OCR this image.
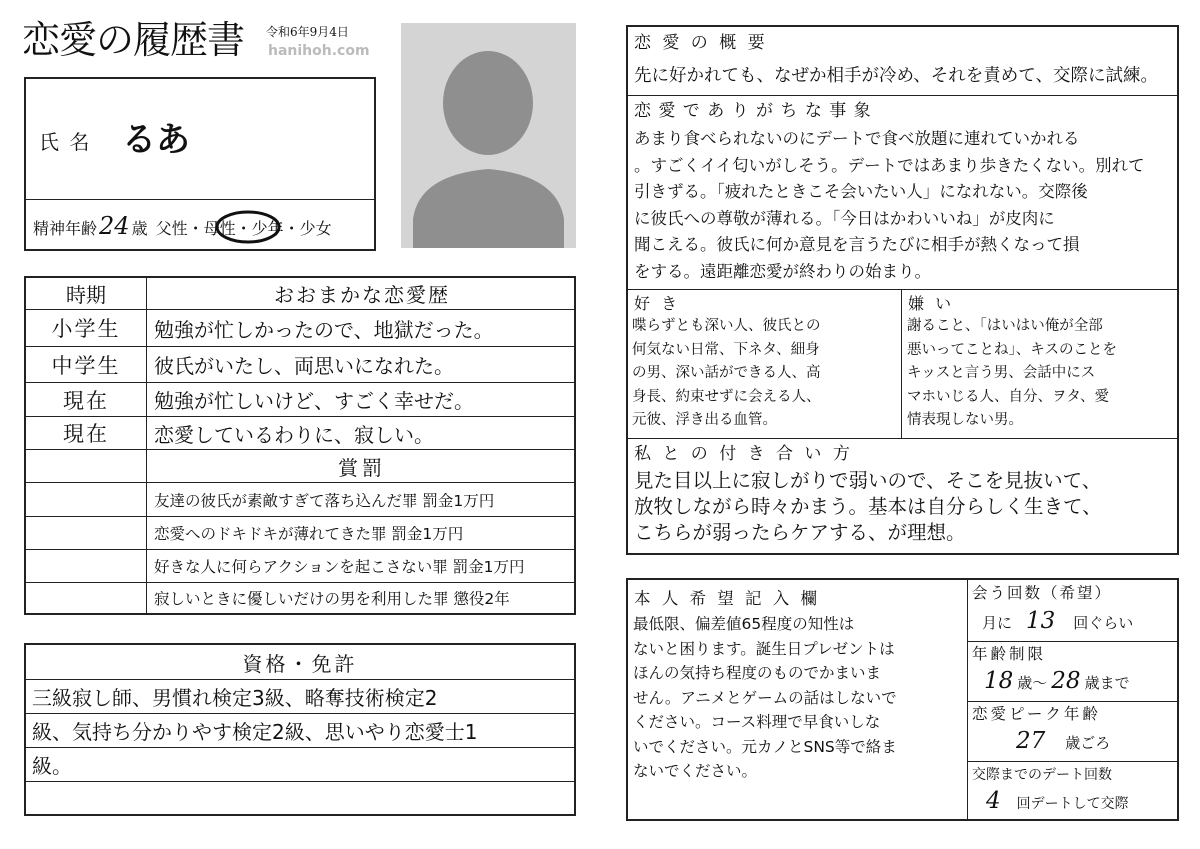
恋愛の履歴書 令和6年9月4日
hanihoh.com
氏 名 るあ
精神年齢 24 歳 父性 ・ 母性 ・ 少年 ・ 少女
時期	おおまかな恋愛歴
小学生	勉強が忙しかったので、地獄だった。
中学生	彼氏がいたし、両思いになれた。
現在	勉強が忙しいけど、すごく幸せだ。
現在	恋愛しているわりに、寂しい。
賞罰
友達の彼氏が素敵すぎて落ち込んだ罪 罰金1万円
恋愛へのドキドキが薄れてきた罪 罰金1万円
好きな人に何らアクションを起こさない罪 罰金1万円
寂しいときに優しいだけの男を利用した罪 懲役2年
資格・免許
三級寂し師、男慣れ検定3級、略奪技術検定2
級、気持ち分かりやす検定2級、思いやり恋愛士1
級。
恋 愛 の 概 要
先に好かれても、なぜか相手が冷め、それを責めて、交際に試練。
恋 愛 で あ り が ち な 事 象
あまり食べられないのにデートで食べ放題に連れていかれる
。すごくイイ匂いがしそう。デートではあまり歩きたくない。別れて
引きずる。「疲れたときこそ会いたい人」になれない。交際後
に彼氏への尊敬が薄れる。「今日はかわいいね」が皮肉に
聞こえる。彼氏に何か意見を言うたびに相手が熱くなって損
をする。遠距離恋愛が終わりの始まり。
好 き
喋らずとも深い人、彼氏との
何気ない日常、下ネタ、細身
の男、深い話ができる人、高
身長、約束せずに会える人、
元彼、浮き出る血管。
嫌 い
謝ること、「はいはい俺が全部
悪いってことね」、キスのことを
キッスと言う男、会話中にス
マホいじる人、自分、ヲタ、愛
情表現しない男。
私 と の 付 き 合 い 方
見た目以上に寂しがりで弱いので、そこを見抜いて、
放牧しながら時々かまう。基本は自分らしく生きて、
こちらが弱ったらケアする、が理想。
本 人 希 望 記 入 欄
最低限、偏差値65程度の知性は
ないと困ります。誕生日プレゼントは
ほんの気持ち程度のものでかまいま
せん。アニメとゲームの話はしないで
ください。コース料理で早食いしな
いでください。元カノとSNS等で絡ま
ないでください。
会う回数（希望）
月に 13 回ぐらい
年齢制限
18 歳〜 28 歳まで
恋愛ピーク年齢
27 歳ごろ
交際までのデート回数
4 回デートして交際
